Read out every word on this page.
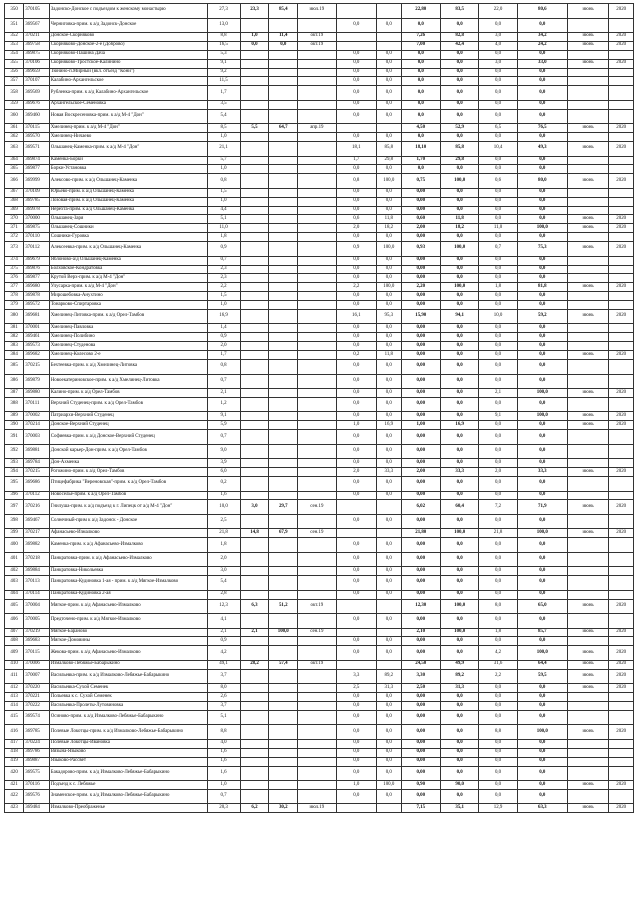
350	370105	Задонско-Донское с подъездом к женскому монастырю	27,3	23,3	85,4	июл.19			22,80	83,5	22,0	80,6	июнь	2020
351	369567	Черниговка-прим. к а/д Задонск-Донское	13,0				0,0	0,0	0,0	0,0	0,0	0,0		
352	370211	Донское-Скорняково	8,8	1,0	11,4	окт.19			7,26	82,8	3,0	34,2	июнь	2020
353	369758	Скорняково-Донское-2-е (Доброво)	16,5	0,0	0,0	окт.19			7,00	42,4	4,0	24,2	июнь	2020
354	369875	Скорняково-Пашина Дача	5,3				0,0	0,0	0,0	0,0	0,0	0,0		
355	370106	Скорняково-Тростское-Калинино	9,1				0,0	0,0	0,0	0,0	3,0	33,0	июнь	2020
356	369659	Тюнино-п.Мирный (вкл. отъезд "Кони")	9,2				0,0	0,0	0,0	0,0	0,0	0,0		
357	370107	Калабино-Архангельское	11,5				0,0	0,0	0,0	0,0	0,0	0,0		
358	369569	Рубленка-прим. к а/д Калабино-Архангельское	1,7				0,0	0,0	0,0	0,0	0,0	0,0		
359	369676	Архангельское-Семеновка	3,5				0,0	0,0	0,0	0,0	0,0	0,0		
360	369460	Новая Воскресеновка-прим. к а/д М-4 "Дон"	5,4				0,0	0,0	0,0	0,0	0,0	0,0		
361	370115	Хмелинец-прим. к а/д М-4 "Дон"	8,5	5,5	64,7	апр.19			4,50	52,9	6,5	76,5	июнь	2020
362	369570	Хмелинец-Ничаево	1,0				0,0	0,0	0,0	0,0	0,0	0,0		
363	369571	Ольшанец-Каменка-прим. к а/д М-4 "Дон"	21,1				18,1	85,8	18,10	85,8	10,4	49,3	июнь	2020
364	369874	Каменка-Борки	5,7				1,7	29,8	1,70	29,8	0,0	0,0		
365	369877	Борки-Установка	1,0				0,0	0,0	0,0	0,0	0,0	0,0		
366	369999	Алексово-прим. к а/д Ольшанец-Каменка	0,8				0,8	100,0	0,75	100,0	0,6	80,0	июнь	2020
367	370109	Юрьево-прим. к а/д Ольшанец-Каменка	1,5				0,0	0,0	0,00	0,0	0,0	0,0		
368	369785	Лозовая-прим. к а/д Ольшанец-Каменка	1,0				0,0	0,0	0,00	0,0	0,0	0,0		
369	369978	Нерехта-прим. к а/д Ольшанец-Каменка	4,4				0,0	0,0	0,00	0,0	0,0	0,0		
370	370000	Ольшанец-Заря	5,1				0,6	11,8	0,60	11,8	0,0	0,0	июнь	2020
371	369875	Ольшанец-Сошники	11,0				2,0	18,2	2,00	18,2	11,0	100,0	июнь	2020
372	370110	Сошники-Гуровка	1,8				0,0	0,0	0,00	0,0	0,0	0,0		
373	370112	Алексеевка-прим. к а/д Ольшанец-Каменка	0,9				0,9	100,0	0,93	100,0	0,7	75,3	июнь	2020
374	369679	Яблоново-а/д Ольшанец-Каменка	0,7				0,0	0,0	0,00	0,0	0,0	0,0		
375	369876	Болховское-Кондратовка	2,3				0,0	0,0	0,00	0,0	0,0	0,0		
376	369877	Крутой Верх-прим. к а/д М-4 "Дон"	2,3				0,0	0,0	0,00	0,0	0,0	0,0		
377	369680	Улусарка-прим. к а/д М-4 "Дон"	2,2				2,2	100,0	2,20	100,0	1,8	81,8	июнь	2020
378	369878	Мирошебовка-Анухтино	1,5				0,0	0,0	0,00	0,0	0,0	0,0		
379	369572	Тонарково-Спиртаровка	1,0				0,0	0,0	0,00	0,0	0,0	0,0		
380	369681	Хмелинец-Литовка-прим. к а/д Орел-Тамбов	16,9				16,1	95,3	15,90	94,1	10,0	59,2	июнь	2020
381	370001	Хмелинец-Павловка	1,4				0,0	0,0	0,00	0,0	0,0	0,0		
382	369461	Хмелинец-Полибино	0,9				0,0	0,0	0,00	0,0	0,0	0,0		
383	369573	Хмелинец-Студенова	2,0				0,0	0,0	0,00	0,0	0,0	0,0		
384	369682	Хмелинец-Колесово 2-е	1,7				0,2	11,8	0,00	0,0	0,0	0,0	июнь	2020
385	370215	Бехтеевка-прим. к а/д Хмелинец-Литовка	0,8				0,0	0,0	0,00	0,0	0,0	0,0		
386	369879	Новоекатериновское-прим. к а/д Хмелинец-Литовка	0,7				0,0	0,0	0,00	0,0	0,0	0,0		
387	369880	Калино-прим. к а/д Орел-Тамбов	2,1				0,0	0,0	0,00	0,0	2,1	100,0	июнь	2020
388	370111	Верхний Студенец-прим. к а/д Орел-Тамбов	1,2				0,0	0,0	0,00	0,0	0,0	0,0		
389	370002	Патриархи-Верхний Студенец	9,1				0,0	0,0	0,00	0,0	9,1	100,0	июнь	2020
390	370214	Донское-Верхний Студенец	5,9				1,0	16,9	1,00	16,9	0,0	0,0	июнь	2020
391	370003	Софиевка-прим. к а/д Донское-Верхний Студенец	0,7				0,0	0,0	0,00	0,0	0,0	0,0		
392	369881	Донской карьер-Дон-прим. к а/д Орел-Тамбов	9,0				0,0	0,0	0,00	0,0	0,0	0,0		
393	369784	Дон-Ахменка	3,9				0,0	0,0	0,00	0,0	0,0	0,0		
394	370215	Рогожино-прим. к а/д Орел-Тамбов	6,0				2,0	33,3	2,00	33,3	2,0	33,3	июнь	2020
395	369686	Птицефабрика "Вереновская"-прим. к а/д Орел-Тамбов	0,2				0,0	0,0	0,00	0,0	0,0	0,0		
396	370112	Новоселье-прим. к а/д Орел-Тамбов	1,6				0,0	0,0	0,00	0,0	0,0	0,0		
397	370216	Гнилуша-прим. к а/д подъезд к г. Липецк от а/д М-4 "Дон"	10,0	3,0	29,7	сен.19			6,02	60,4	7,2	71,9	июнь	2020
398	369467	Солнечный-прим к а/д Задонск - Донское	2,5				0,0	0,0	0,00	0,0	0,0	0,0		
399	370217	Афанасьево-Измалково	21,8	14,8	67,9	сен.19			21,80	100,0	21,8	100,0	июнь	2020
400	369882	Каменка-прим. к а/д Афанасьево-Измалково	1,8				0,0	0,0	0,00	0,0	0,0	0,0		
401	370218	Панкратовка-прим. к а/д Афанасьево-Измалково	2,0				0,0	0,0	0,00	0,0	0,0	0,0		
402	369884	Панкратовка-Никольевка	3,0				0,0	0,0	0,00	0,0	0,0	0,0		
403	370113	Панкратовка-Кудиновка 1-ая - прим. к а/д Мягкое-Измалково	5,4				0,0	0,0	0,00	0,0	0,0	0,0		
404	370114	Панкратовка-Кудиновка 2-ая	2,8				0,0	0,0	0,00	0,0	0,0	0,0		
405	370004	Мягкое-прим. к а/д Афанасьево-Измалково	12,3	6,3	51,2	окт.19			12,30	100,0	8,0	65,0	июнь	2020
406	370005	Предточено-прим. к а/д Мягкое-Измалково	4,1				0,0	0,0	0,00	0,0	0,0	0,0		
407	370219	Мягкое-Бараново	2,1	2,1	100,0	сен.19			2,10	100,0	1,8	85,7	июнь	2020
408	369683	Мягкое-Домовины	0,9				0,0	0,0	0,00	0,0	0,0	0,0		
409	370115	Жекова-прим. к а/д Афанасьево-Измалково	4,2				0,0	0,0	0,00	0,0	4,2	100,0	июнь	2020
410	370006	Измалково-Лебяжье-Бабарыкино	49,1	28,2	57,4	окт.19			24,50	49,9	31,6	64,4	июнь	2020
411	370007	Васильевка-прим. к а/д Измалково-Лебяжье-Бабарыкино	3,7				3,3	89,2	3,30	89,2	2,2	59,5	июнь	2020
412	370220	Васильевка-Сухой Семенек	8,0				2,5	31,3	2,50	31,3	0,0	0,0	июнь	2020
413	370221	Польевка к с. Сухой Семенек	2,6				0,0	0,0	0,00	0,0	0,0	0,0		
414	370222	Васильевка-Пролеты-Лутовиновка	3,7				0,0	0,0	0,00	0,0	0,0	0,0		
415	369574	Осиново-прим. к а/д Измалково-Лебяжье-Бабарыкино	5,1				0,0	0,0	0,00	0,0	0,0	0,0		
416	369785	Полевые Локотцы-прим. к а/д Измалково-Лебяжье-Бабарыкино	8,8				0,0	0,0	0,00	0,0	8,8	100,0	июнь	2020
417	370224	Полевые Локотцы-Ивановка	4,0				0,0	0,0	0,00	0,0	0,0	0,0		
418	369786	Вязына-Языково	1,6				0,0	0,0	0,00	0,0	0,0	0,0		
419	369887	Языково-Рассвет	1,6				0,0	0,0	0,00	0,0	0,0	0,0		
420	369575	Бакадорово-прим. к а/д Измалково-Лебяжье-Бабарыкино	1,6				0,0	0,0	0,00	0,0	0,0	0,0		
421	370116	Подъезд к с. Лебяжье	1,0				1,0	100,0	0,90	90,0	0,0	0,0	июнь	2020
422	369576	Знаменское-прим. к а/д Измалково-Лебяжье-Бабарыкино	0,7				0,0	0,0	0,00	0,0	0,0	0,0		
423	369484	Измалково-Преображенье	20,3	6,2	30,2	июл.19			7,15	35,1	12,9	63,3	июнь	2020
